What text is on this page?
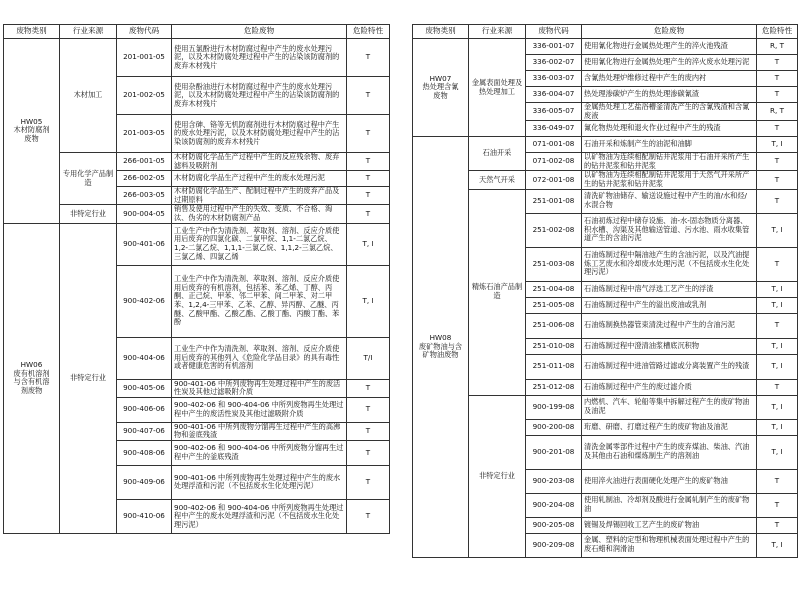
废物类别	行业来源	废物代码	危险废物	危险特性
HW05
木材防腐剂
废物	木材加工	201-001-05	使用五氯酚进行木材防腐过程中产生的废水处理污泥，以及木材防腐处理过程中产生的沾染该防腐剂的废弃木材残片	T
		201-002-05	使用杂酚油进行木材防腐过程中产生的废水处理污泥，以及木材防腐处理过程中产生的沾染该防腐剂的废弃木材残片	T
		201-003-05	使用含砷、铬等无机防腐剂进行木材防腐过程中产生的废水处理污泥，以及木材防腐处理过程中产生的沾染该防腐剂的废弃木材残片	T
	专用化学产品制造	266-001-05	木材防腐化学品生产过程中产生的反应残余物、废弃滤料及吸附剂	T
		266-002-05	木材防腐化学品生产过程中产生的废水处理污泥	T
		266-003-05	木材防腐化学品生产、配制过程中产生的废弃产品及过期原料	T
	非特定行业	900-004-05	销售及使用过程中产生的失效、变质、不合格、淘汰、伪劣的木材防腐剂产品	T
HW06
废有机溶剂
与含有机溶
剂废物	非特定行业	900-401-06	工业生产中作为清洗剂、萃取剂、溶剂、反应介质使用后废弃的四氯化碳、二氯甲烷、1,1-二氯乙烷、1,2-二氯乙烷、1,1,1-三氯乙烷、1,1,2-三氯乙烷、三氯乙烯、四氯乙烯	T, I
		900-402-06	工业生产中作为清洗剂、萃取剂、溶剂、反应介质使用后废弃的有机溶剂，包括苯、苯乙烯、丁醇、丙酮、正己烷、甲苯、邻二甲苯、间二甲苯、对二甲苯、1,2,4-三甲苯、乙苯、乙醇、异丙醇、乙醚、丙醚、乙酸甲酯、乙酸乙酯、乙酸丁酯、丙酸丁酯、苯酚	T, I
		900-404-06	工业生产中作为清洗剂、萃取剂、溶剂、反应介质使用后废弃的其他列入《危险化学品目录》的具有毒性或者健康危害的有机溶剂	T/I
		900-405-06	900-401-06 中所列废物再生处理过程中产生的废活性炭及其他过滤吸附介质	T
		900-406-06	900-402-06 和 900-404-06 中所列废物再生处理过程中产生的废活性炭及其他过滤吸附介质	T
		900-407-06	900-401-06 中所列废物分馏再生过程中产生的高沸物和釜底残渣	T
		900-408-06	900-402-06 和 900-404-06 中所列废物分馏再生过程中产生的釜底残渣	T
		900-409-06	900-401-06 中所列废物再生处理过程中产生的废水处理浮渣和污泥（不包括废水生化处理污泥）	T
		900-410-06	900-402-06 和 900-404-06 中所列废物再生处理过程中产生的废水处理浮渣和污泥（不包括废水生化处理污泥）	T
废物类别	行业来源	废物代码	危险废物	危险特性
HW07
热处理含氰
废物	金属表面处理及热处理加工	336-001-07	使用氰化物进行金属热处理产生的淬火池残渣	R, T
		336-002-07	使用氰化物进行金属热处理产生的淬火废水处理污泥	T
		336-003-07	含氰热处理炉维修过程中产生的废内衬	T
		336-004-07	热处理渗碳炉产生的热处理渗碳氰渣	T
		336-005-07	金属热处理工艺盐浴槽釜清洗产生的含氰残渣和含氰废液	R, T
		336-049-07	氰化物热处理和退火作业过程中产生的残渣	T
HW08
废矿物油与含
矿物油废物	石油开采	071-001-08	石油开采和炼制产生的油泥和油脚	T, I
		071-002-08	以矿物油为连续相配制钻井泥浆用于石油开采所产生的钻井泥浆和钻井泥浆	T
	天然气开采	072-001-08	以矿物油为连续相配制钻井泥浆用于天然气开采所产生的钻井泥浆和钻井泥浆	T
	精炼石油产品制造	251-001-08	清洗矿物油储存、输送设施过程中产生的油/水和烃/水混合物	T
		251-002-08	石油初炼过程中储存设施、油-水-固态物质分离器、积水槽、沟渠及其他输送管道、污水池、雨水收集管道产生的含油污泥	T, I
		251-003-08	石油炼制过程中隔油池产生的含油污泥，以及汽油提炼工艺废水和冷却废水处理污泥（不包括废水生化处理污泥）	T
		251-004-08	石油炼制过程中溶气浮选工艺产生的浮渣	T, I
		251-005-08	石油炼制过程中产生的溢出废油或乳剂	T, I
		251-006-08	石油炼制换热器管束清洗过程中产生的含油污泥	T
		251-010-08	石油炼制过程中澄清油浆槽底沉积物	T, I
		251-011-08	石油炼制过程中进油管路过滤或分离装置产生的残渣	T, I
		251-012-08	石油炼制过程中产生的废过滤介质	T
	非特定行业	900-199-08	内燃机、汽车、轮船等集中拆解过程产生的废矿物油及油泥	T, I
		900-200-08	珩磨、研磨、打磨过程产生的废矿物油及油泥	T, I
		900-201-08	清洗金属零部件过程中产生的废弃煤油、柴油、汽油及其他由石油和煤炼制生产的溶剂油	T, I
		900-203-08	使用淬火油进行表面硬化处理产生的废矿物油	T
		900-204-08	使用轧制油、冷却剂及酸进行金属轧制产生的废矿物油	T
		900-205-08	镀锡及焊锡回收工艺产生的废矿物油	T
		900-209-08	金属、塑料的定型和物理机械表面处理过程中产生的废石蜡和润滑油	T, I
